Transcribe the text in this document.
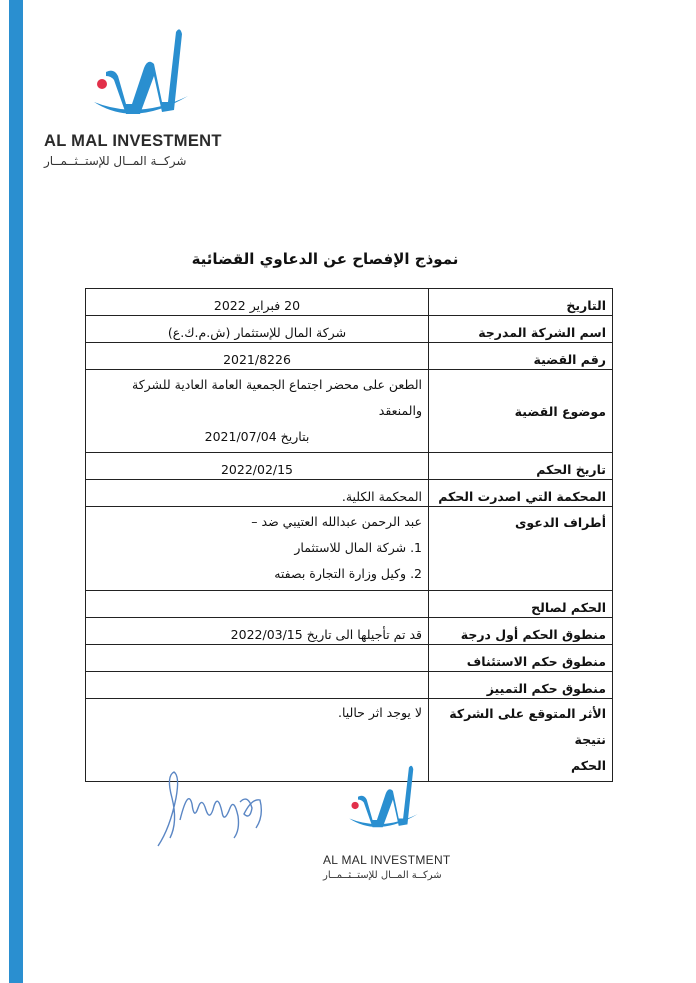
AL MAL INVESTMENT
شركــة المــال للإستــثــمــار
نموذج الإفصاح عن الدعاوي القضائية
التاريخ	20 فبراير 2022

اسم الشركة المدرجة	شركة المال للإستثمار (ش.م.ك.ع)

رقم القضية	2021/8226

موضوع القضية	الطعن على محضر اجتماع الجمعية العامة العادية للشركة والمنعقد
بتاريخ 2021/07/04

تاريخ الحكم	2022/02/15

المحكمة التي اصدرت الحكم	المحكمة الكلية.
أطراف الدعوى	عبد الرحمن عبدالله العتيبي ضد –
1. شركة المال للاستثمار
2. وكيل وزارة التجارة بصفته

الحكم لصالح	
منطوق الحكم أول درجة	قد تم تأجيلها الى تاريخ 2022/03/15
منطوق حكم الاستئناف	
منطوق حكم التمييز	

الأثر المتوقع على الشركة نتيجة
الحكم	لا يوجد اثر حاليا.
AL MAL INVESTMENT
شركــة المــال للإستــثــمــار
